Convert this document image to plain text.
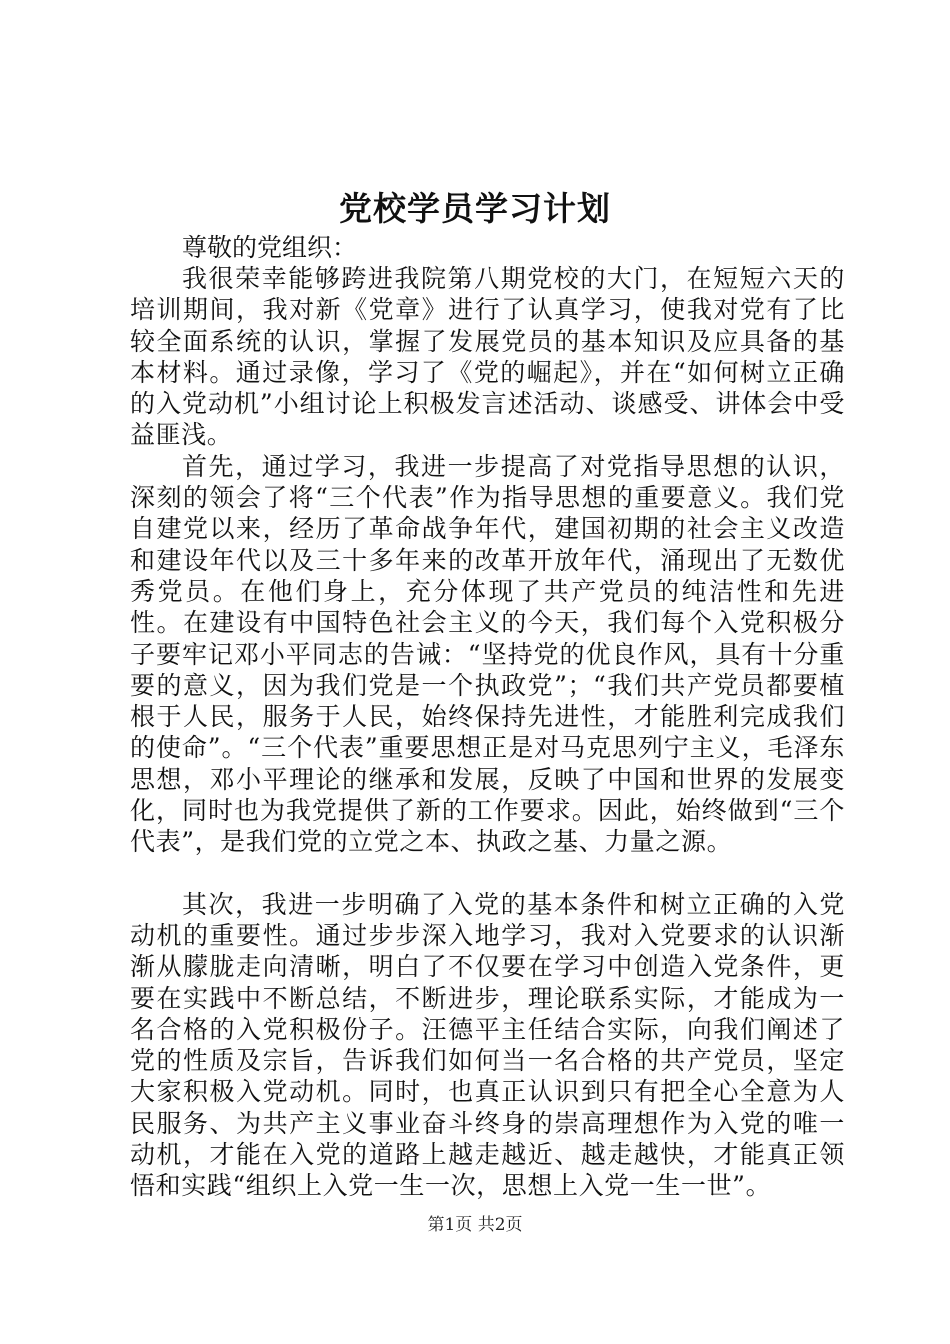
党校学员学习计划

尊敬的党组织：

我很荣幸能够跨进我院第八期党校的大门，在短短六天的培训期间，我对新《党章》进行了认真学习，使我对党有了比较全面系统的认识，掌握了发展党员的基本知识及应具备的基本材料。通过录像，学习了《党的崛起》，并在“如何树立正确的入党动机”小组讨论上积极发言述活动、谈感受、讲体会中受益匪浅。

首先，通过学习，我进一步提高了对党指导思想的认识，深刻的领会了将“三个代表”作为指导思想的重要意义。我们党自建党以来，经历了革命战争年代，建国初期的社会主义改造和建设年代以及三十多年来的改革开放年代，涌现出了无数优秀党员。在他们身上，充分体现了共产党员的纯洁性和先进性。在建设有中国特色社会主义的今天，我们每个入党积极分子要牢记邓小平同志的告诫：“坚持党的优良作风，具有十分重要的意义，因为我们党是一个执政党”；“我们共产党员都要植根于人民，服务于人民，始终保持先进性，才能胜利完成我们的使命”。“三个代表”重要思想正是对马克思列宁主义，毛泽东思想，邓小平理论的继承和发展，反映了中国和世界的发展变化，同时也为我党提供了新的工作要求。因此，始终做到“三个代表”，是我们党的立党之本、执政之基、力量之源。

其次，我进一步明确了入党的基本条件和树立正确的入党动机的重要性。通过步步深入地学习，我对入党要求的认识渐渐从朦胧走向清晰，明白了不仅要在学习中创造入党条件，更要在实践中不断总结，不断进步，理论联系实际，才能成为一名合格的入党积极份子。汪德平主任结合实际，向我们阐述了党的性质及宗旨，告诉我们如何当一名合格的共产党员，坚定大家积极入党动机。同时，也真正认识到只有把全心全意为人民服务、为共产主义事业奋斗终身的崇高理想作为入党的唯一动机，才能在入党的道路上越走越近、越走越快，才能真正领悟和实践“组织上入党一生一次，思想上入党一生一世”。

第1页 共2页
